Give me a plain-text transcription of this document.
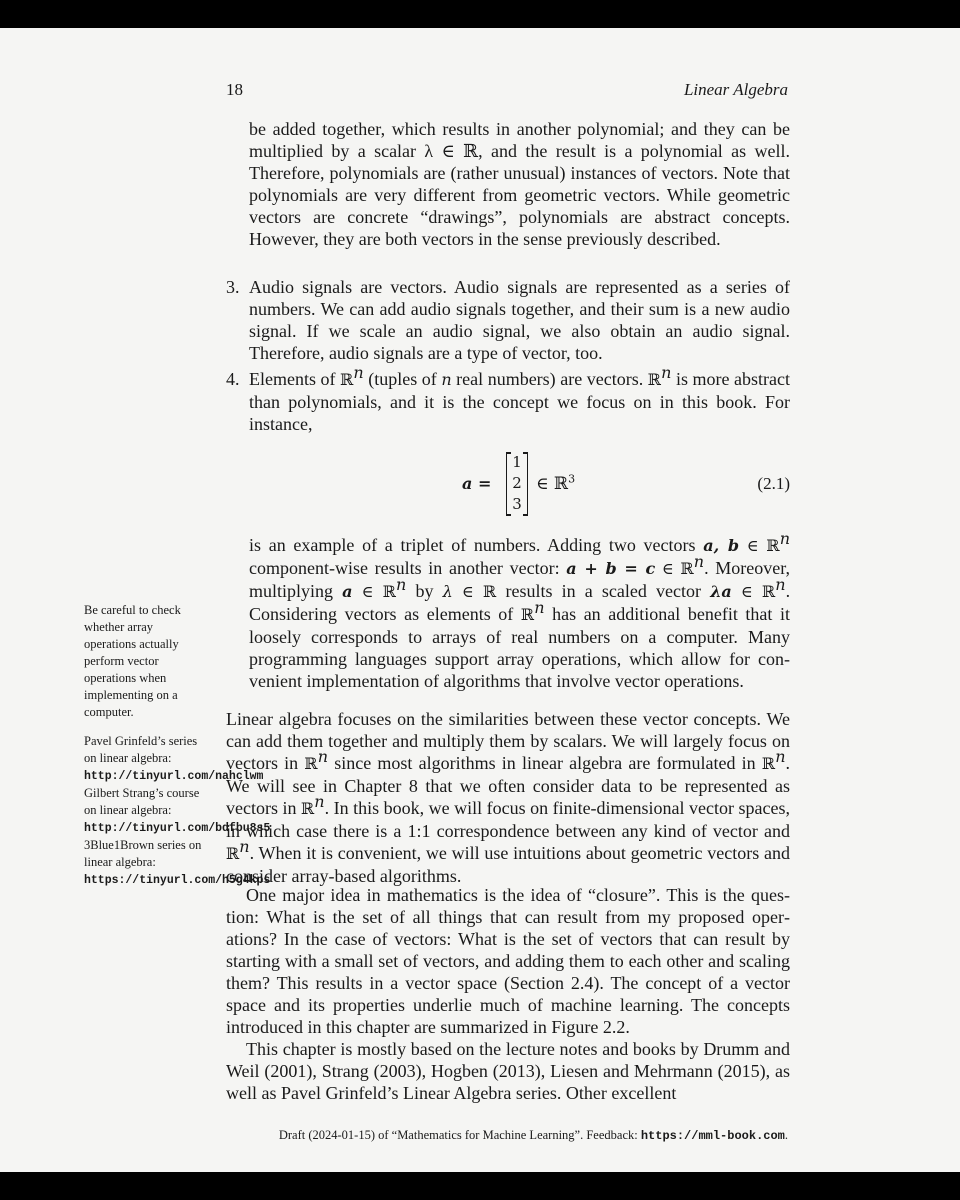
18	Linear Algebra

be added together, which results in another polynomial; and they can be multiplied by a scalar λ ∈ ℝ, and the result is a polynomial as well. Therefore, polynomials are (rather unusual) instances of vectors. Note that polynomials are very different from geometric vectors. While geometric vectors are concrete “drawings”, polynomials are abstract concepts. However, they are both vectors in the sense previously described.

3. Audio signals are vectors. Audio signals are represented as a series of numbers. We can add audio signals together, and their sum is a new audio signal. If we scale an audio signal, we also obtain an audio signal. Therefore, audio signals are a type of vector, too.

4. Elements of ℝ$^n$ (tuples of n real numbers) are vectors. ℝ$^n$ is more abstract than polynomials, and it is the concept we focus on in this book. For instance,

a =
1
2
3
∈ ℝ$^3$	(2.1)

is an example of a triplet of numbers. Adding two vectors a, b ∈ ℝ$^n$ component-wise results in another vector: a + b = c ∈ ℝ$^n$. Moreover, multiplying a ∈ ℝ$^n$ by λ ∈ ℝ results in a scaled vector λa ∈ ℝ$^n$. Considering vectors as elements of ℝ$^n$ has an additional benefit that it loosely corresponds to arrays of real numbers on a computer. Many programming languages support array operations, which allow for convenient implementation of algorithms that involve vector operations.

Linear algebra focuses on the similarities between these vector concepts. We can add them together and multiply them by scalars. We will largely focus on vectors in ℝ$^n$ since most algorithms in linear algebra are formulated in ℝ$^n$. We will see in Chapter 8 that we often consider data to be represented as vectors in ℝ$^n$. In this book, we will focus on finite-dimensional vector spaces, in which case there is a 1:1 correspondence between any kind of vector and ℝ$^n$. When it is convenient, we will use intuitions about geometric vectors and consider array-based algorithms.

One major idea in mathematics is the idea of “closure”. This is the question: What is the set of all things that can result from my proposed operations? In the case of vectors: What is the set of vectors that can result by starting with a small set of vectors, and adding them to each other and scaling them? This results in a vector space (Section 2.4). The concept of a vector space and its properties underlie much of machine learning. The concepts introduced in this chapter are summarized in Figure 2.2.

This chapter is mostly based on the lecture notes and books by Drumm and Weil (2001), Strang (2003), Hogben (2013), Liesen and Mehrmann (2015), as well as Pavel Grinfeld’s Linear Algebra series. Other excellent

Be careful to check whether array operations actually perform vector operations when implementing on a computer.

Pavel Grinfeld’s series on linear algebra: http://tinyurl.com/nahclwm

Gilbert Strang’s course on linear algebra: http://tinyurl.com/bdfbu8s5

3Blue1Brown series on linear algebra: https://tinyurl.com/h5g4kps

Draft (2024-01-15) of “Mathematics for Machine Learning”. Feedback: https://mml-book.com.
